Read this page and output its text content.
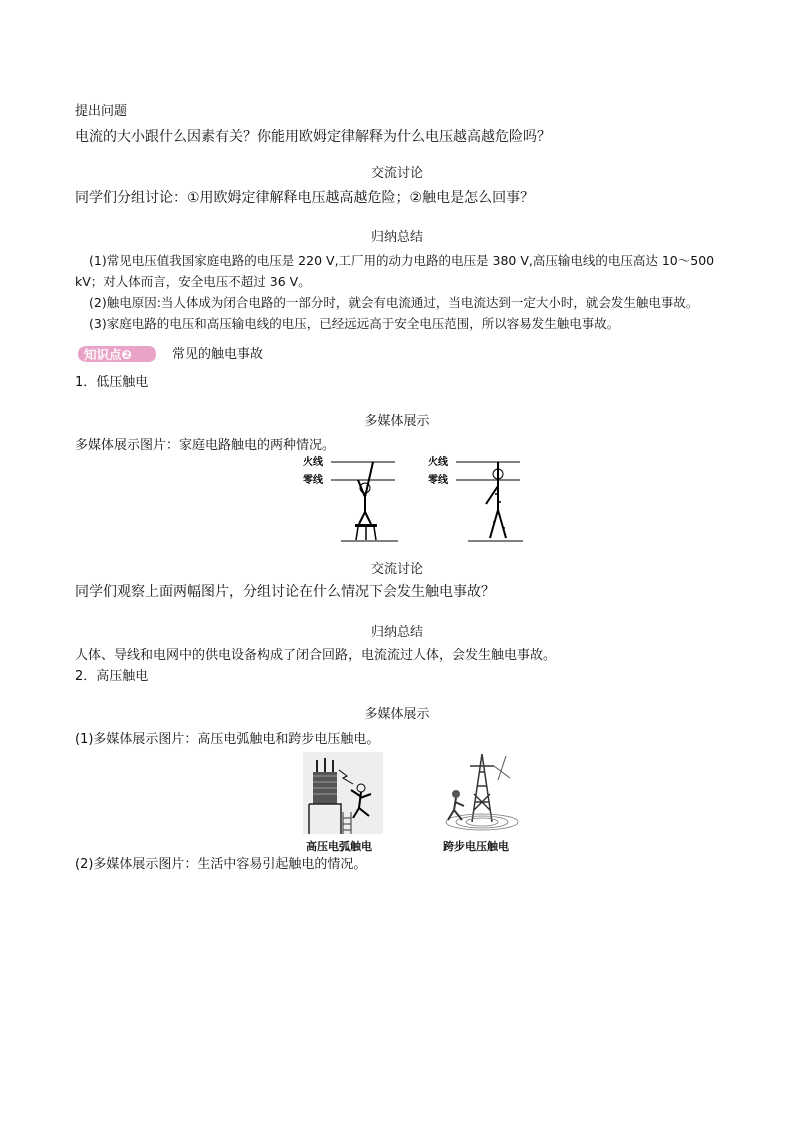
提出问题
电流的大小跟什么因素有关？你能用欧姆定律解释为什么电压越高越危险吗？
交流讨论
同学们分组讨论：①用欧姆定律解释电压越高越危险；②触电是怎么回事？
归纳总结
(1)常见电压值我国家庭电路的电压是 220 V,工厂用的动力电路的电压是 380 V,高压输电线的电压高达 10～500
kV；对人体而言，安全电压不超过 36 V。
(2)触电原因:当人体成为闭合电路的一部分时，就会有电流通过，当电流达到一定大小时，就会发生触电事故。
(3)家庭电路的电压和高压输电线的电压，已经远远高于安全电压范围，所以容易发生触电事故。
知识点❷	常见的触电事故
1．低压触电
多媒体展示
多媒体展示图片：家庭电路触电的两种情况。
火线
零线
火线
零线
交流讨论
同学们观察上面两幅图片，分组讨论在什么情况下会发生触电事故？
归纳总结
人体、导线和电网中的供电设备构成了闭合回路，电流流过人体，会发生触电事故。
2．高压触电
多媒体展示
(1)多媒体展示图片：高压电弧触电和跨步电压触电。
高压电弧触电	跨步电压触电
(2)多媒体展示图片：生活中容易引起触电的情况。
